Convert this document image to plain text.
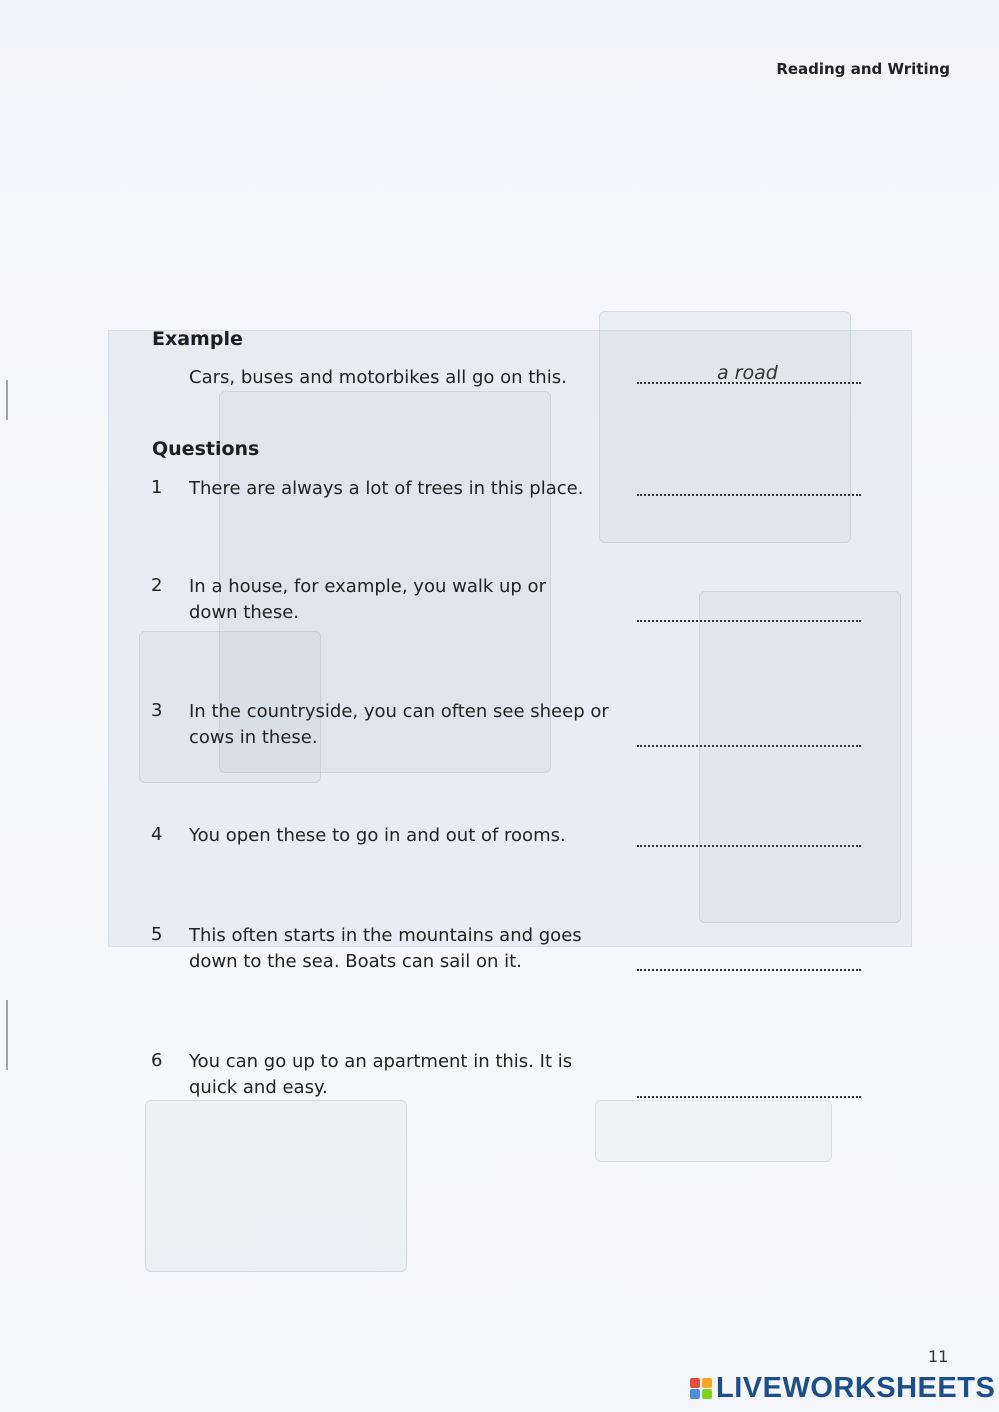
Reading and Writing
Example
Cars, buses and motorbikes all go on this.	a road
Questions
1 There are always a lot of trees in this place.
2 In a house, for example, you walk up or down these.
3 In the countryside, you can often see sheep or cows in these.
4 You open these to go in and out of rooms.
5 This often starts in the mountains and goes down to the sea. Boats can sail on it.
6 You can go up to an apartment in this. It is quick and easy.
11
LIVEWORKSHEETS
